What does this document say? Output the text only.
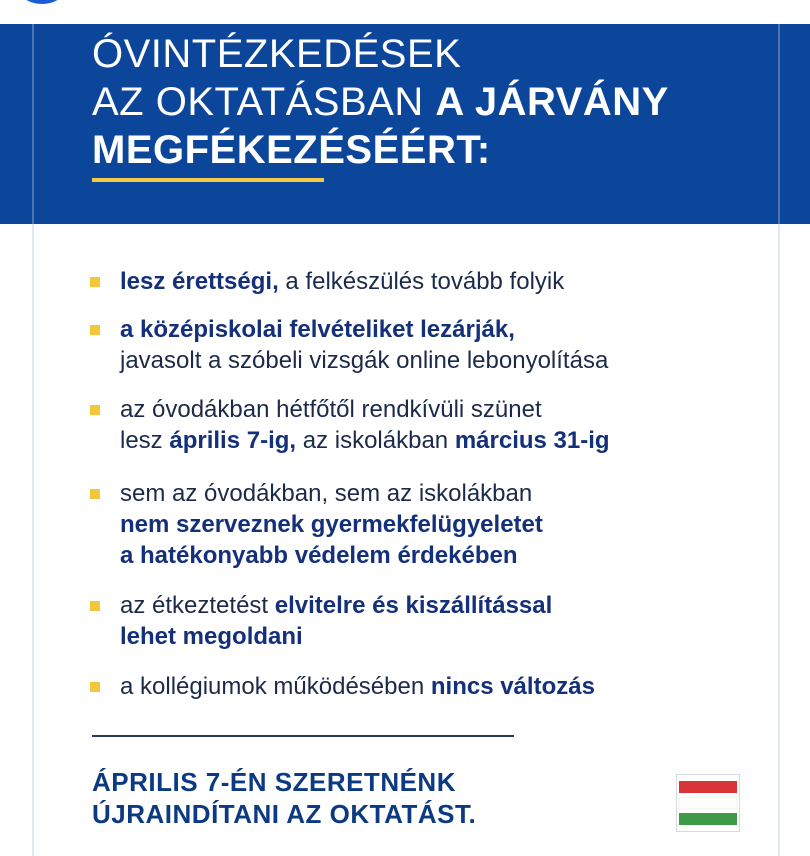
ÓVINTÉZKEDÉSEK
AZ OKTATÁSBAN A JÁRVÁNY
MEGFÉKEZÉSÉÉRT:
lesz érettségi, a felkészülés tovább folyik
a középiskolai felvételiket lezárják,
javasolt a szóbeli vizsgák online lebonyolítása
az óvodákban hétfőtől rendkívüli szünet
lesz április 7-ig, az iskolákban március 31-ig
sem az óvodákban, sem az iskolákban
nem szerveznek gyermekfelügyeletet
a hatékonyabb védelem érdekében
az étkeztetést elvitelre és kiszállítással
lehet megoldani
a kollégiumok működésében nincs változás
ÁPRILIS 7-ÉN SZERETNÉNK
ÚJRAINDÍTANI AZ OKTATÁST.
